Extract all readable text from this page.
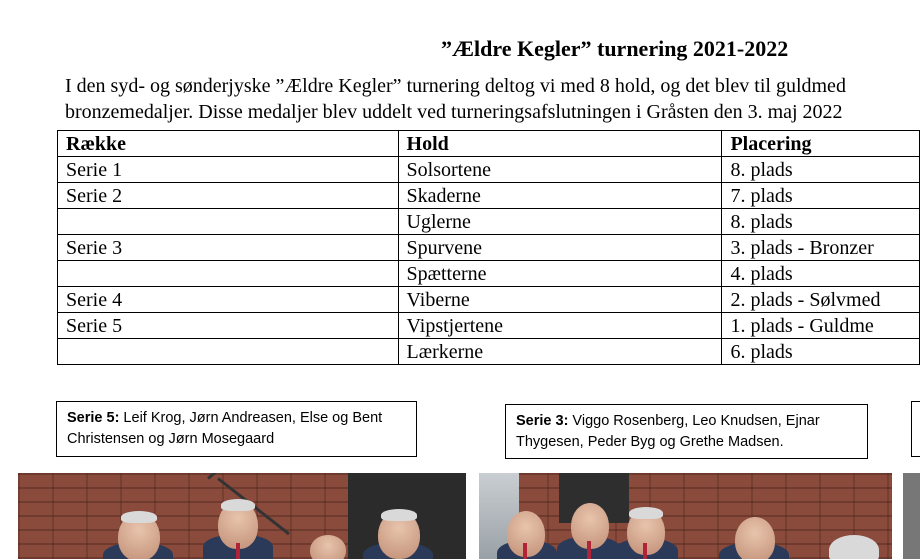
”Ældre Kegler” turnering 2021-2022
I den syd- og sønderjyske ”Ældre Kegler” turnering deltog vi med 8 hold, og det blev til guldmed
bronzemedaljer. Disse medaljer blev uddelt ved turneringsafslutningen i Gråsten den 3. maj 2022
Række	Hold	Placering
Serie 1	Solsortene	8. plads
Serie 2	Skaderne	7. plads
	Uglerne	8. plads
Serie 3	Spurvene	3. plads - Bronzer
	Spætterne	4. plads
Serie 4	Viberne	2. plads - Sølvmed
Serie 5	Vipstjertene	1. plads - Guldme
	Lærkerne	6. plads
Serie 5: Leif Krog, Jørn Andreasen, Else og Bent Christensen og Jørn Mosegaard
Serie 3: Viggo Rosenberg, Leo Knudsen, Ejnar Thygesen, Peder Byg og Grethe Madsen.
